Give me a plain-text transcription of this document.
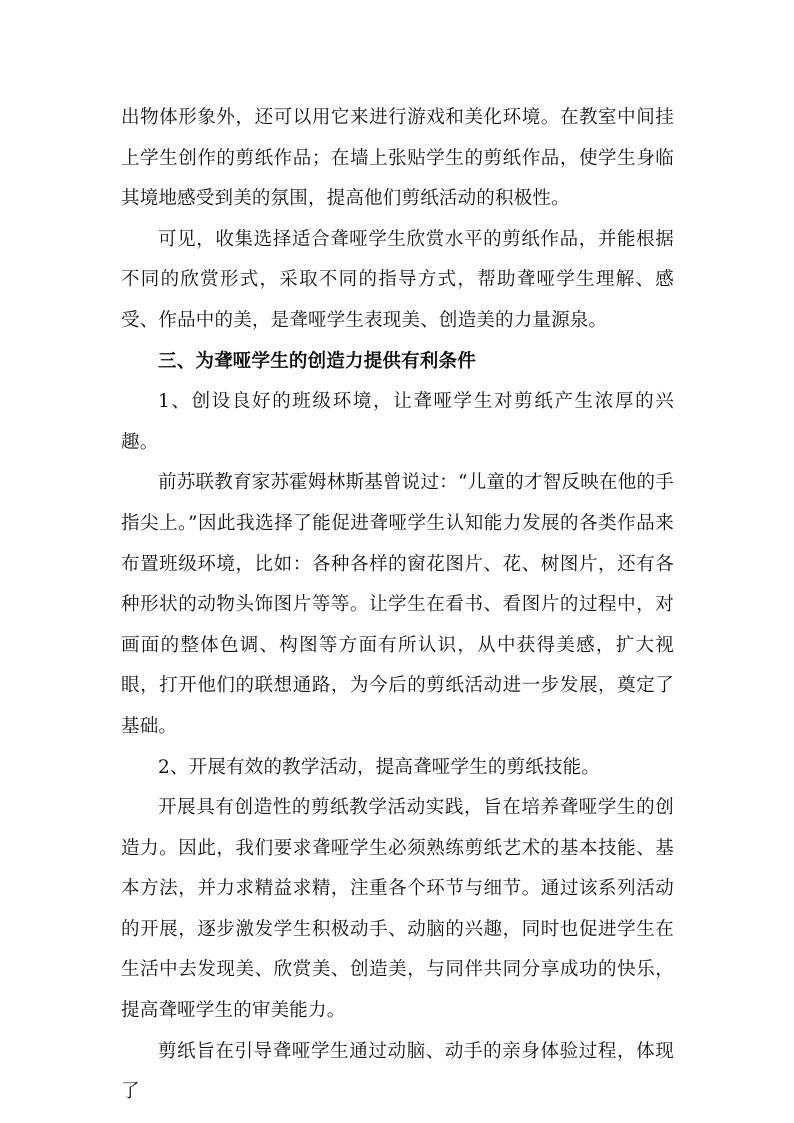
出物体形象外，还可以用它来进行游戏和美化环境。在教室中间挂上学生创作的剪纸作品；在墙上张贴学生的剪纸作品，使学生身临其境地感受到美的氛围，提高他们剪纸活动的积极性。

可见，收集选择适合聋哑学生欣赏水平的剪纸作品，并能根据不同的欣赏形式，采取不同的指导方式，帮助聋哑学生理解、感受、作品中的美，是聋哑学生表现美、创造美的力量源泉。

三、为聋哑学生的创造力提供有利条件

1、创设良好的班级环境，让聋哑学生对剪纸产生浓厚的兴趣。

前苏联教育家苏霍姆林斯基曾说过：“儿童的才智反映在他的手指尖上。”因此我选择了能促进聋哑学生认知能力发展的各类作品来布置班级环境，比如：各种各样的窗花图片、花、树图片，还有各种形状的动物头饰图片等等。让学生在看书、看图片的过程中，对画面的整体色调、构图等方面有所认识，从中获得美感，扩大视眼，打开他们的联想通路，为今后的剪纸活动进一步发展，奠定了基础。

2、开展有效的教学活动，提高聋哑学生的剪纸技能。

开展具有创造性的剪纸教学活动实践，旨在培养聋哑学生的创造力。因此，我们要求聋哑学生必须熟练剪纸艺术的基本技能、基本方法，并力求精益求精，注重各个环节与细节。通过该系列活动的开展，逐步激发学生积极动手、动脑的兴趣，同时也促进学生在生活中去发现美、欣赏美、创造美，与同伴共同分享成功的快乐，提高聋哑学生的审美能力。

剪纸旨在引导聋哑学生通过动脑、动手的亲身体验过程，体现了
